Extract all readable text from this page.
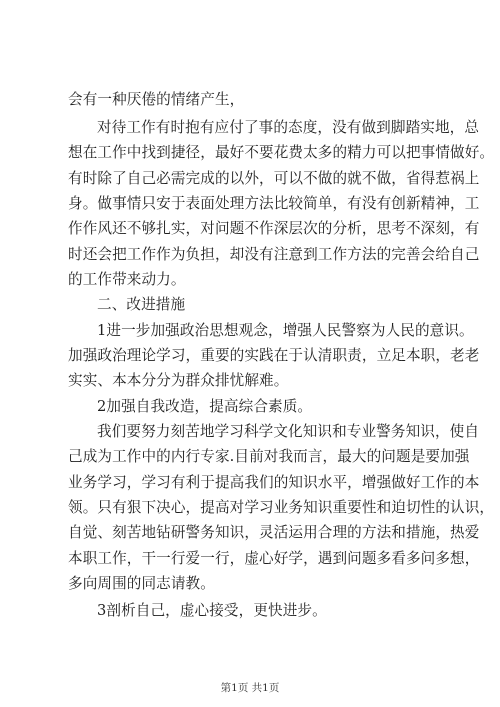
会有一种厌倦的情绪产生，

对待工作有时抱有应付了事的态度，没有做到脚踏实地，总

想在工作中找到捷径，最好不要花费太多的精力可以把事情做好。

有时除了自己必需完成的以外，可以不做的就不做，省得惹祸上

身。做事情只安于表面处理方法比较简单，有没有创新精神，工

作作风还不够扎实，对问题不作深层次的分析，思考不深刻，有

时还会把工作作为负担，却没有注意到工作方法的完善会给自己

的工作带来动力。

二、改进措施

1进一步加强政治思想观念，增强人民警察为人民的意识。

加强政治理论学习，重要的实践在于认清职责，立足本职，老老

实实、本本分分为群众排忧解难。

2加强自我改造，提高综合素质。

我们要努力刻苦地学习科学文化知识和专业警务知识，使自

己成为工作中的内行专家.目前对我而言，最大的问题是要加强

业务学习，学习有利于提高我们的知识水平，增强做好工作的本

领。只有狠下决心，提高对学习业务知识重要性和迫切性的认识，

自觉、刻苦地钻研警务知识，灵活运用合理的方法和措施，热爱

本职工作，干一行爱一行，虚心好学，遇到问题多看多问多想，

多向周围的同志请教。

3剖析自己，虚心接受，更快进步。

第1页 共1页
